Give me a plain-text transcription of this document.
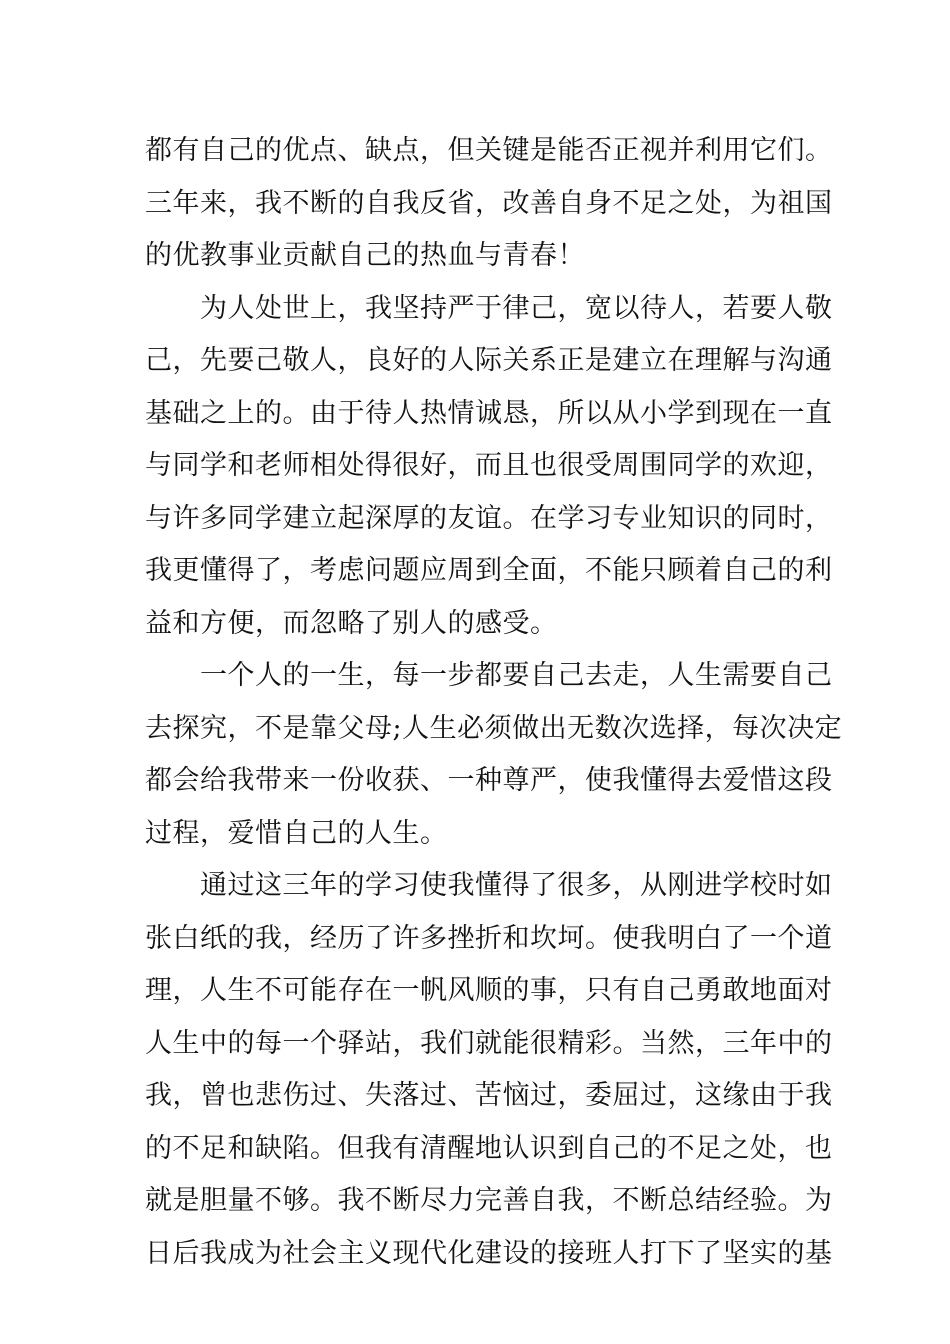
都有自己的优点、缺点，但关键是能否正视并利用它们。
三年来，我不断的自我反省，改善自身不足之处，为祖国
的优教事业贡献自己的热血与青春！
为人处世上，我坚持严于律己，宽以待人，若要人敬
己，先要己敬人，良好的人际关系正是建立在理解与沟通
基础之上的。由于待人热情诚恳，所以从小学到现在一直
与同学和老师相处得很好，而且也很受周围同学的欢迎，
与许多同学建立起深厚的友谊。在学习专业知识的同时，
我更懂得了，考虑问题应周到全面，不能只顾着自己的利
益和方便，而忽略了别人的感受。
一个人的一生，每一步都要自己去走，人生需要自己
去探究，不是靠父母;人生必须做出无数次选择，每次决定
都会给我带来一份收获、一种尊严，使我懂得去爱惜这段
过程，爱惜自己的人生。
通过这三年的学习使我懂得了很多，从刚进学校时如
张白纸的我，经历了许多挫折和坎坷。使我明白了一个道
理，人生不可能存在一帆风顺的事，只有自己勇敢地面对
人生中的每一个驿站，我们就能很精彩。当然，三年中的
我，曾也悲伤过、失落过、苦恼过，委屈过，这缘由于我
的不足和缺陷。但我有清醒地认识到自己的不足之处，也
就是胆量不够。我不断尽力完善自我，不断总结经验。为
日后我成为社会主义现代化建设的接班人打下了坚实的基
